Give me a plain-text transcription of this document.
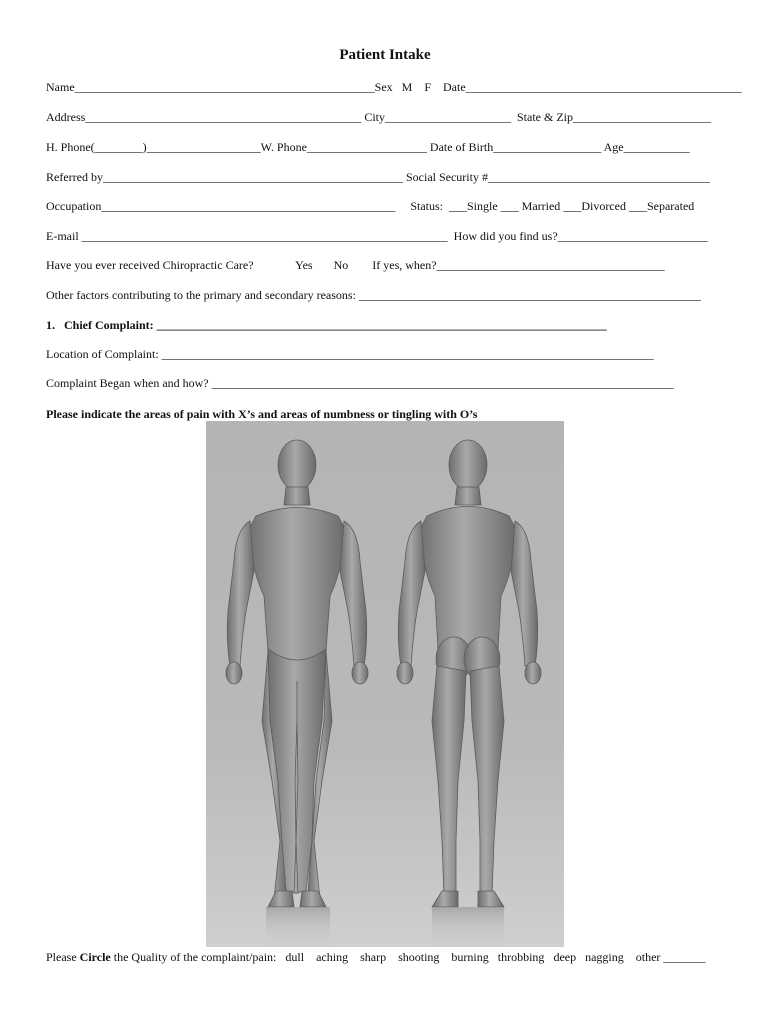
Patient Intake
Name__________________________________________________Sex M F Date______________________________________________
Address______________________________________________ City_____________________ State & Zip_______________________
H. Phone(________)___________________W. Phone____________________ Date of Birth__________________ Age___________
Referred by__________________________________________________ Social Security #_____________________________________
Occupation_________________________________________________ Status: ___Single ___ Married ___Divorced ___Separated
E-mail _____________________________________________________________ How did you find us?_________________________
Have you ever received Chiropractic Care?	Yes No If yes, when?______________________________________
Other factors contributing to the primary and secondary reasons: _________________________________________________________
1.   Chief Complaint: ___________________________________________________________________________
Location of Complaint: __________________________________________________________________________________
Complaint Began when and how? _____________________________________________________________________________
Please indicate the areas of pain with X’s and areas of numbness or tingling with O’s
Please Circle the Quality of the complaint/pain: dull aching sharp shooting burning throbbing deep nagging other _______
